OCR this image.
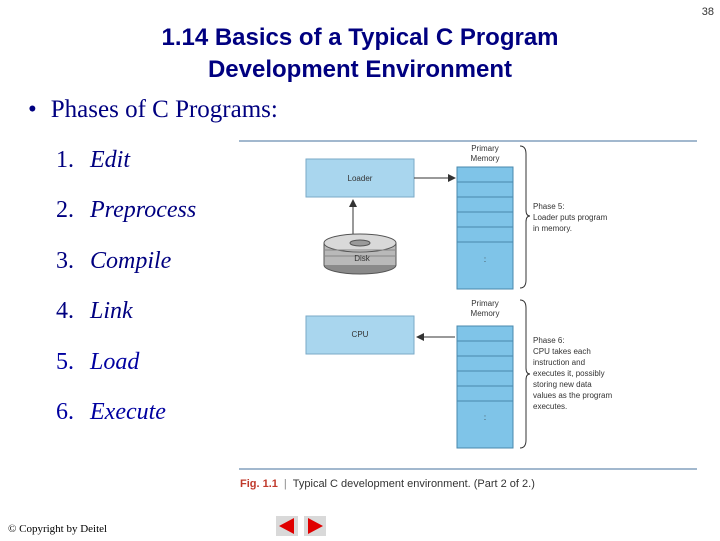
38
1.14 Basics of a Typical C Program
Development Environment
• Phases of C Programs:
1. Edit
2. Preprocess
3. Compile
4. Link
5. Load
6. Execute
Loader
Disk
Primary
Memory
:
Phase 5:
Loader puts program
in memory.
CPU
Primary
Memory
:
Phase 6:
CPU takes each
instruction and
executes it, possibly
storing new data
values as the program
executes.
Fig. 1.1 | Typical C development environment. (Part 2 of 2.)
© Copyright by Deitel
